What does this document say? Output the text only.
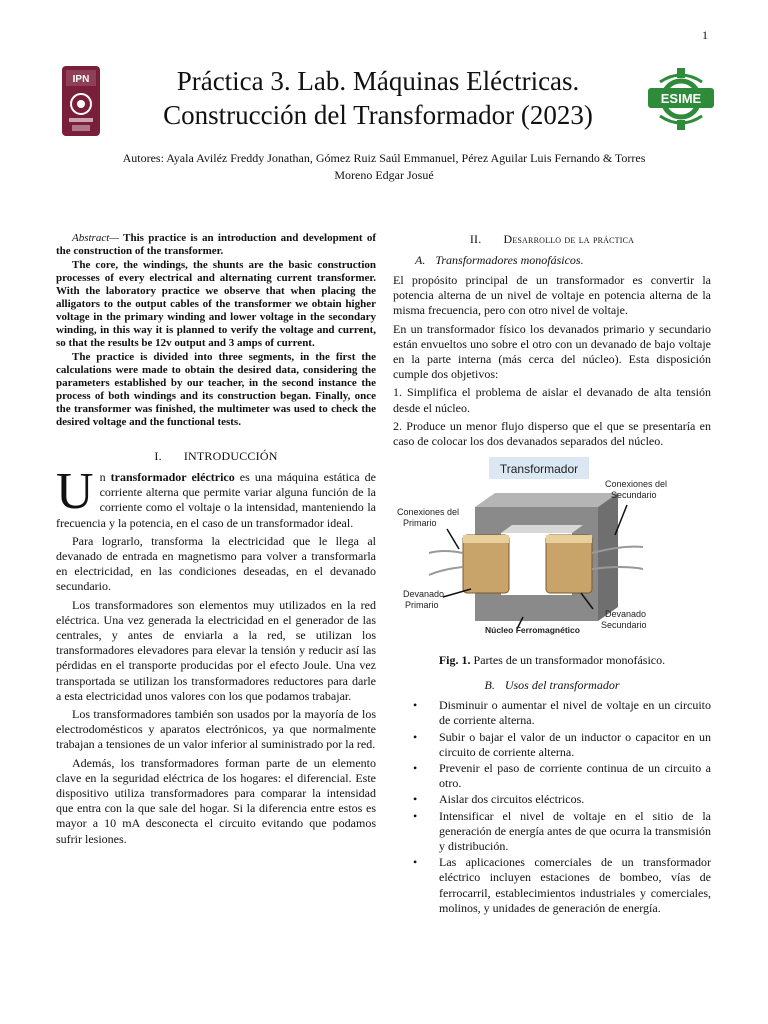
1
IPN	Práctica 3. Lab. Máquinas Eléctricas.
Construcción del Transformador (2023)
ESIME
Autores: Ayala Aviléz Freddy Jonathan, Gómez Ruiz Saúl Emmanuel, Pérez Aguilar Luis Fernando & Torres
Moreno Edgar Josué

Abstract— This practice is an introduction and development of the construction of the transformer.

The core, the windings, the shunts are the basic construction processes of every electrical and alternating current transformer. With the laboratory practice we observe that when placing the alligators to the output cables of the transformer we obtain higher voltage in the primary winding and lower voltage in the secondary winding, in this way it is planned to verify the voltage and current, so that the results be 12v output and 3 amps of current.

The practice is divided into three segments, in the first the calculations were made to obtain the desired data, considering the parameters established by our teacher, in the second instance the process of both windings and its construction began. Finally, once the transformer was finished, the multimeter was used to check the desired voltage and the functional tests.

I. INTRODUCCIÓN
U n transformador eléctrico es una máquina estática de corriente alterna que permite variar alguna función de la corriente como el voltaje o la intensidad, manteniendo la frecuencia y la potencia, en el caso de un transformador ideal.

Para lograrlo, transforma la electricidad que le llega al devanado de entrada en magnetismo para volver a transformarla en electricidad, en las condiciones deseadas, en el devanado secundario.

Los transformadores son elementos muy utilizados en la red eléctrica. Una vez generada la electricidad en el generador de las centrales, y antes de enviarla a la red, se utilizan los transformadores elevadores para elevar la tensión y reducir así las pérdidas en el transporte producidas por el efecto Joule. Una vez transportada se utilizan los transformadores reductores para darle a esta electricidad unos valores con los que podamos trabajar.

Los transformadores también son usados por la mayoría de los electrodomésticos y aparatos electrónicos, ya que normalmente trabajan a tensiones de un valor inferior al suministrado por la red.

Además, los transformadores forman parte de un elemento clave en la seguridad eléctrica de los hogares: el diferencial. Este dispositivo utiliza transformadores para comparar la intensidad que entra con la que sale del hogar. Si la diferencia entre estos es mayor a 10 mA desconecta el circuito evitando que podamos sufrir lesiones.

II. Desarrollo de la práctica
A. Transformadores monofásicos.

El propósito principal de un transformador es convertir la potencia alterna de un nivel de voltaje en potencia alterna de la misma frecuencia, pero con otro nivel de voltaje.

En un transformador físico los devanados primario y secundario están envueltos uno sobre el otro con un devanado de bajo voltaje en la parte interna (más cerca del núcleo). Esta disposición cumple dos objetivos:

1. Simplifica el problema de aislar el devanado de alta tensión desde el núcleo.

2. Produce un menor flujo disperso que el que se presentaría en caso de colocar los dos devanados separados del núcleo.

Transformador
Conexiones del
Primario
Conexiones del
Secundario
Devanado
Primario
Devanado
Secundario
Núcleo Ferromagnético
Fig. 1. Partes de un transformador monofásico.
B. Usos del transformador
• Disminuir o aumentar el nivel de voltaje en un circuito de corriente alterna.
• Subir o bajar el valor de un inductor o capacitor en un circuito de corriente alterna.
• Prevenir el paso de corriente continua de un circuito a otro.
• Aislar dos circuitos eléctricos.
• Intensificar el nivel de voltaje en el sitio de la generación de energía antes de que ocurra la transmisión y distribución.
• Las aplicaciones comerciales de un transformador eléctrico incluyen estaciones de bombeo, vías de ferrocarril, establecimientos industriales y comerciales, molinos, y unidades de generación de energía.
